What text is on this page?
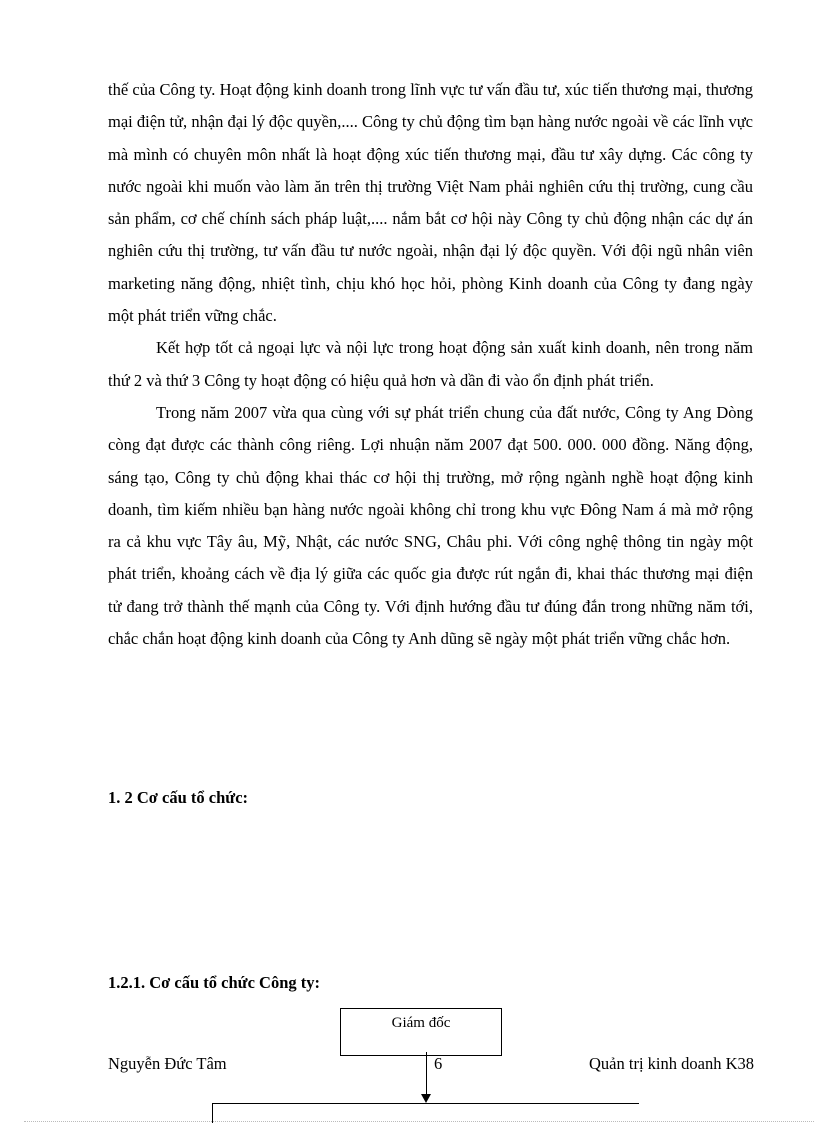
thế của Công ty. Hoạt động kinh doanh trong lĩnh vực tư vấn đầu tư, xúc tiến thương mại, thương mại điện tử, nhận đại lý độc quyền,.... Công ty chủ động tìm bạn hàng nước ngoài về các lĩnh vực mà mình có chuyên môn nhất là hoạt động xúc tiến thương mại, đầu tư xây dựng. Các công ty nước ngoài khi muốn vào làm ăn trên thị trường Việt Nam phải nghiên cứu thị trường, cung cầu sản phẩm, cơ chế chính sách pháp luật,.... nắm bắt cơ hội này Công ty chủ động nhận các dự án nghiên cứu thị trường, tư vấn đầu tư nước ngoài, nhận đại lý độc quyền. Với đội ngũ nhân viên marketing năng động, nhiệt tình, chịu khó học hỏi, phòng Kinh doanh của Công ty đang ngày một phát triển vững chắc.

Kết hợp tốt cả ngoại lực và nội lực trong hoạt động sản xuất kinh doanh, nên trong năm thứ 2 và thứ 3 Công ty hoạt động có hiệu quả hơn và dần đi vào ổn định phát triển.

Trong năm 2007 vừa qua cùng với sự phát triển chung của đất nước, Công ty Ang Dòng còng đạt được các thành công riêng. Lợi nhuận năm 2007 đạt 500. 000. 000 đồng. Năng động, sáng tạo, Công ty chủ động khai thác cơ hội thị trường, mở rộng ngành nghề hoạt động kinh doanh, tìm kiếm nhiều bạn hàng nước ngoài không chỉ trong khu vực Đông Nam á mà mở rộng ra cả khu vực Tây âu, Mỹ, Nhật, các nước SNG, Châu phi. Với công nghệ thông tin ngày một phát triển, khoảng cách về địa lý giữa các quốc gia được rút ngắn đi, khai thác thương mại điện tử đang trở thành thế mạnh của Công ty. Với định hướng đầu tư đúng đắn trong những năm tới, chắc chắn hoạt động kinh doanh của Công ty Anh dũng sẽ ngày một phát triển vững chắc hơn.

1. 2 Cơ cấu tổ chức:
1.2.1. Cơ cấu tổ chức Công ty:
Giám đốc
Nguyễn Đức Tâm	6	Quản trị kinh doanh K38
